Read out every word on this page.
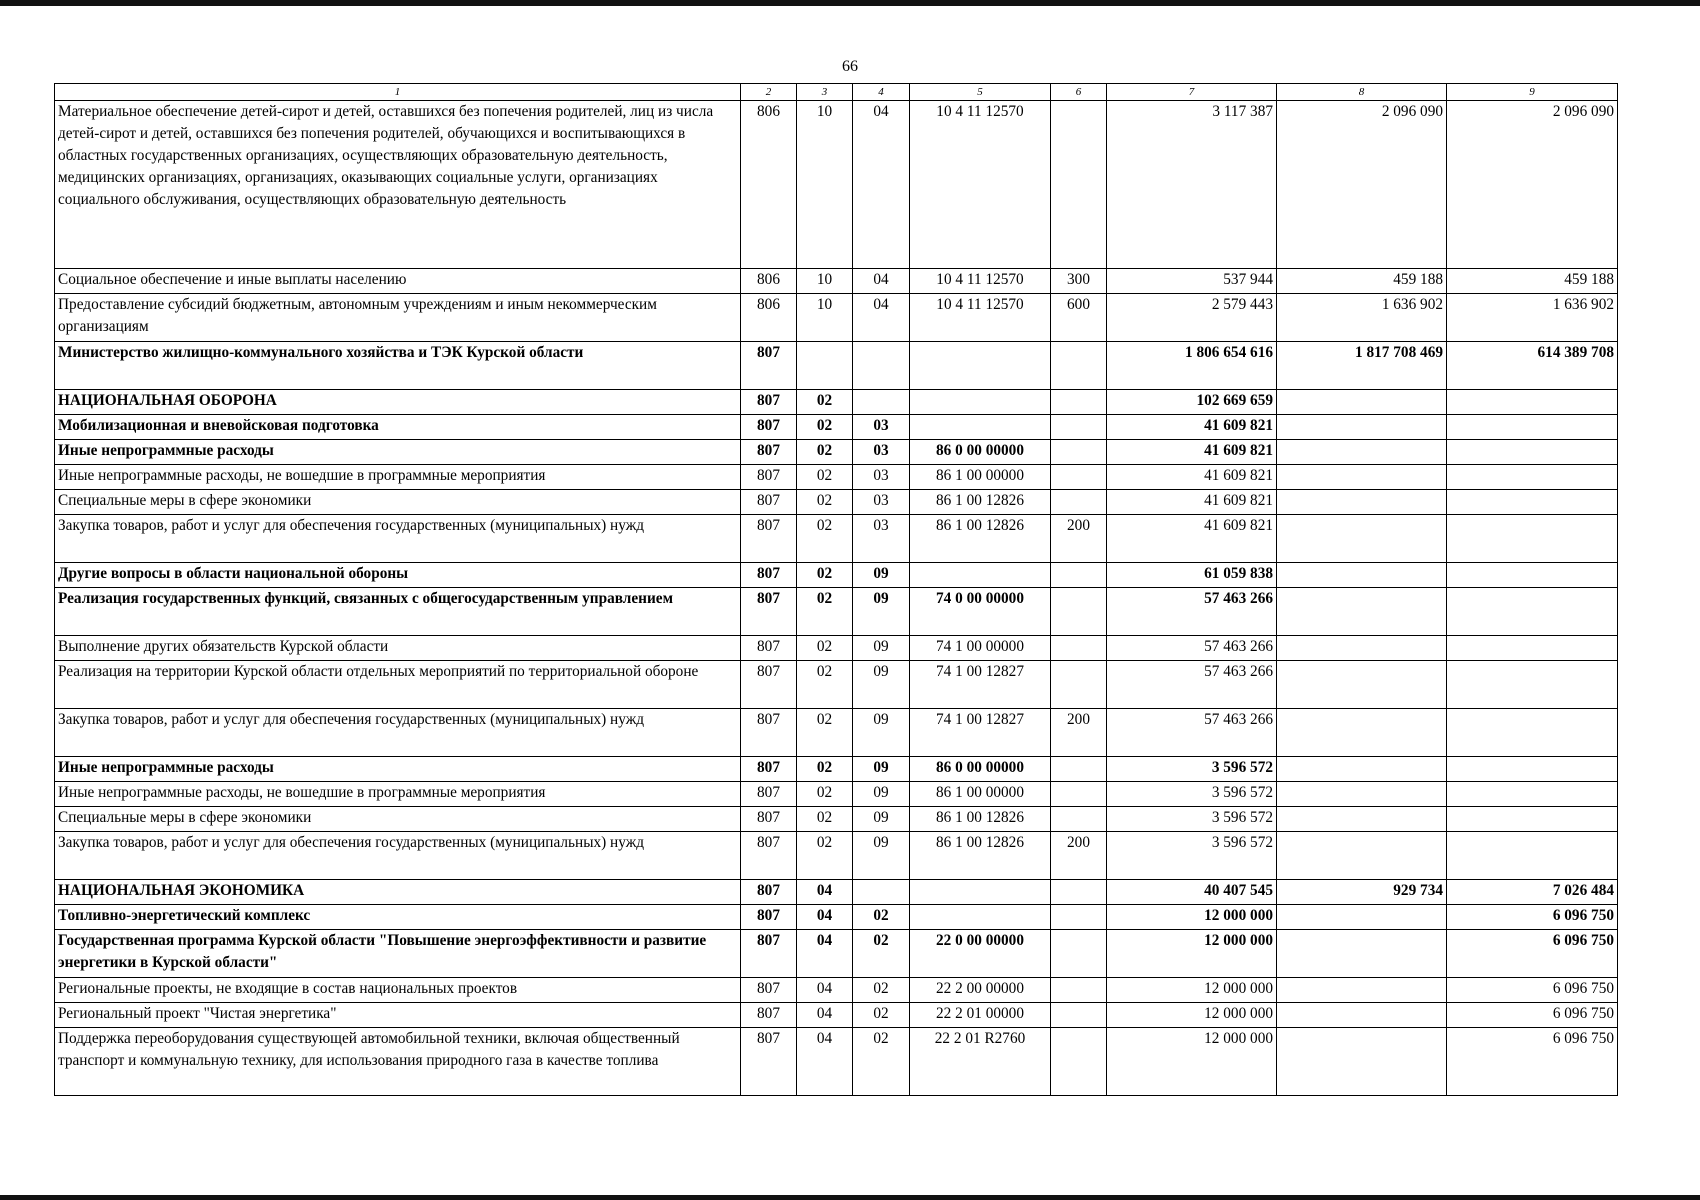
66
1	2	3	4	5	6	7	8	9
Материальное обеспечение детей-сирот и детей, оставшихся без попечения родителей, лиц из числа детей-сирот и детей, оставшихся без попечения родителей, обучающихся и воспитывающихся в областных государственных организациях, осуществляющих образовательную деятельность, медицинских организациях, организациях, оказывающих социальные услуги, организациях социального обслуживания, осуществляющих образовательную деятельность	806	10	04	10 4 11 12570		3 117 387	2 096 090	2 096 090
Социальное обеспечение и иные выплаты населению	806	10	04	10 4 11 12570	300	537 944	459 188	459 188
Предоставление субсидий бюджетным, автономным учреждениям и иным некоммерческим организациям	806	10	04	10 4 11 12570	600	2 579 443	1 636 902	1 636 902
Министерство жилищно-коммунального хозяйства и ТЭК Курской области	807					1 806 654 616	1 817 708 469	614 389 708
НАЦИОНАЛЬНАЯ ОБОРОНА	807	02				102 669 659		
Мобилизационная и вневойсковая подготовка	807	02	03			41 609 821		
Иные непрограммные расходы	807	02	03	86 0 00 00000		41 609 821		
Иные непрограммные расходы, не вошедшие в программные мероприятия	807	02	03	86 1 00 00000		41 609 821		
Специальные меры в сфере экономики	807	02	03	86 1 00 12826		41 609 821		
Закупка товаров, работ и услуг для обеспечения государственных (муниципальных) нужд	807	02	03	86 1 00 12826	200	41 609 821		
Другие вопросы в области национальной обороны	807	02	09			61 059 838		
Реализация государственных функций, связанных с общегосударственным управлением	807	02	09	74 0 00 00000		57 463 266		
Выполнение других обязательств Курской области	807	02	09	74 1 00 00000		57 463 266		
Реализация на территории Курской области отдельных мероприятий по территориальной обороне	807	02	09	74 1 00 12827		57 463 266		
Закупка товаров, работ и услуг для обеспечения государственных (муниципальных) нужд	807	02	09	74 1 00 12827	200	57 463 266		
Иные непрограммные расходы	807	02	09	86 0 00 00000		3 596 572		
Иные непрограммные расходы, не вошедшие в программные мероприятия	807	02	09	86 1 00 00000		3 596 572		
Специальные меры в сфере экономики	807	02	09	86 1 00 12826		3 596 572		
Закупка товаров, работ и услуг для обеспечения государственных (муниципальных) нужд	807	02	09	86 1 00 12826	200	3 596 572		
НАЦИОНАЛЬНАЯ ЭКОНОМИКА	807	04				40 407 545	929 734	7 026 484
Топливно-энергетический комплекс	807	04	02			12 000 000		6 096 750
Государственная программа Курской области "Повышение энергоэффективности и развитие энергетики в Курской области"	807	04	02	22 0 00 00000		12 000 000		6 096 750
Региональные проекты, не входящие в состав национальных проектов	807	04	02	22 2 00 00000		12 000 000		6 096 750
Региональный проект "Чистая энергетика"	807	04	02	22 2 01 00000		12 000 000		6 096 750
Поддержка переоборудования существующей автомобильной техники, включая общественный транспорт и коммунальную технику, для использования природного газа в качестве топлива	807	04	02	22 2 01 R2760		12 000 000		6 096 750
